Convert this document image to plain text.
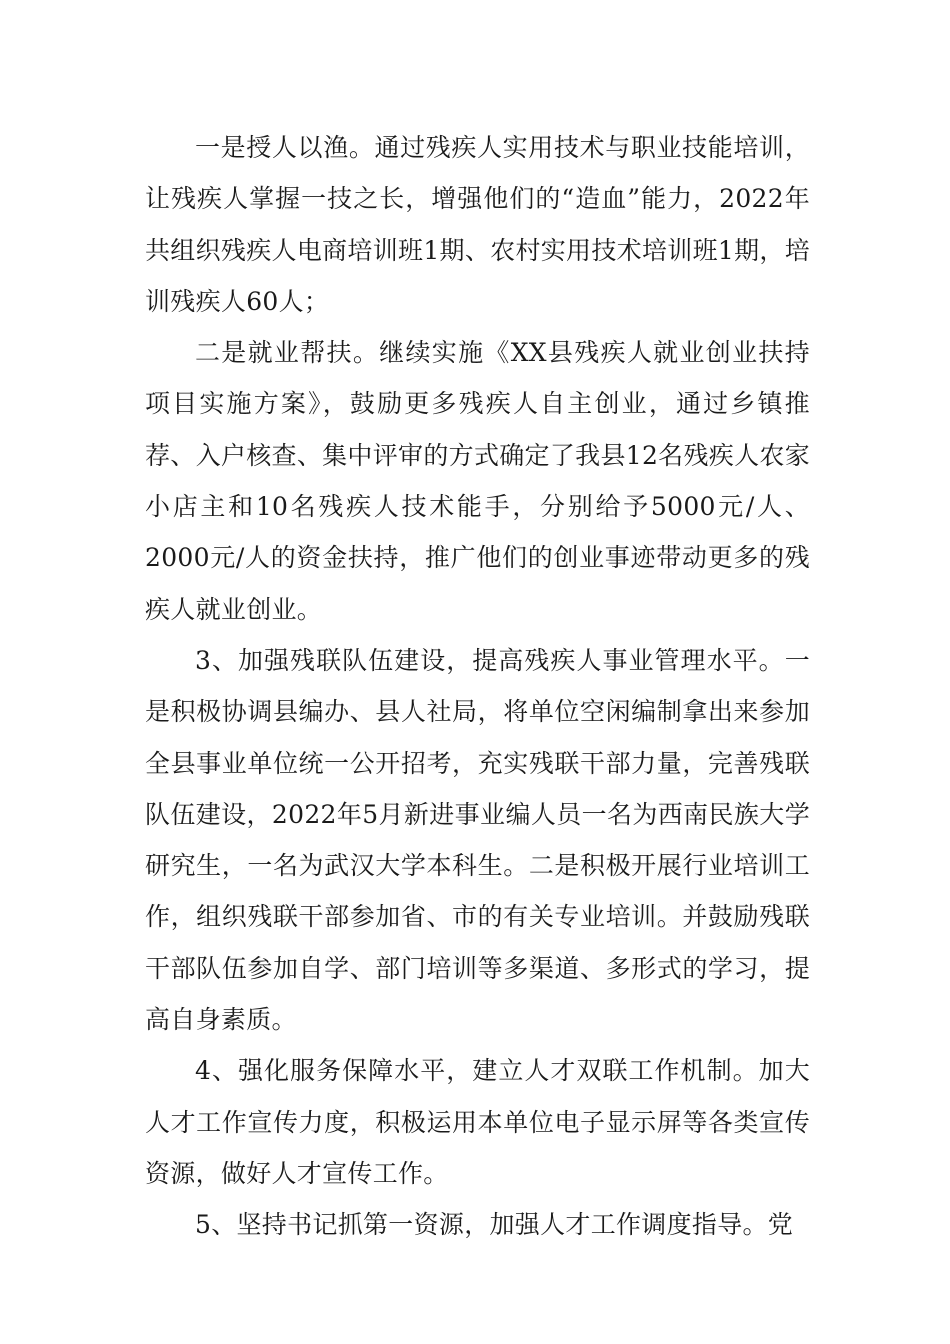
一是授人以渔。通过残疾人实用技术与职业技能培训，让残疾人掌握一技之长，增强他们的“造血”能力，2022年共组织残疾人电商培训班1期、农村实用技术培训班1期，培训残疾人60人；

二是就业帮扶。继续实施《XX县残疾人就业创业扶持项目实施方案》，鼓励更多残疾人自主创业，通过乡镇推荐、入户核查、集中评审的方式确定了我县12名残疾人农家小店主和10名残疾人技术能手，分别给予5000元/人、2000元/人的资金扶持，推广他们的创业事迹带动更多的残疾人就业创业。

3、加强残联队伍建设，提高残疾人事业管理水平。一是积极协调县编办、县人社局，将单位空闲编制拿出来参加全县事业单位统一公开招考，充实残联干部力量，完善残联队伍建设，2022年5月新进事业编人员一名为西南民族大学研究生，一名为武汉大学本科生。二是积极开展行业培训工作，组织残联干部参加省、市的有关专业培训。并鼓励残联干部队伍参加自学、部门培训等多渠道、多形式的学习，提高自身素质。

4、强化服务保障水平，建立人才双联工作机制。加大人才工作宣传力度，积极运用本单位电子显示屏等各类宣传资源，做好人才宣传工作。

5、坚持书记抓第一资源，加强人才工作调度指导。党
